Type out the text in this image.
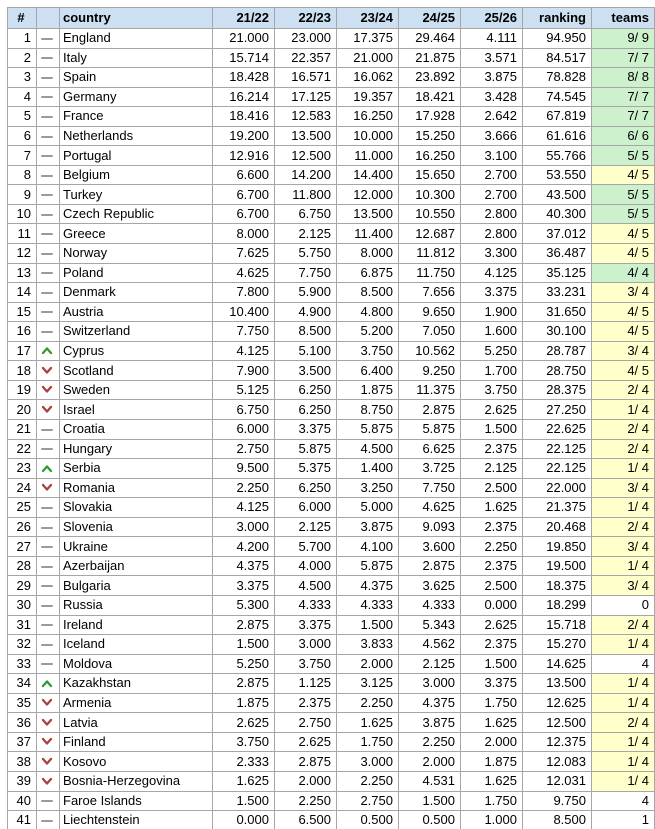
#		country	21/22	22/23	23/24	24/25	25/26	ranking	teams
1		England	21.000	23.000	17.375	29.464	4.111	94.950	9/ 9
2		Italy	15.714	22.357	21.000	21.875	3.571	84.517	7/ 7
3		Spain	18.428	16.571	16.062	23.892	3.875	78.828	8/ 8
4		Germany	16.214	17.125	19.357	18.421	3.428	74.545	7/ 7
5		France	18.416	12.583	16.250	17.928	2.642	67.819	7/ 7
6		Netherlands	19.200	13.500	10.000	15.250	3.666	61.616	6/ 6
7		Portugal	12.916	12.500	11.000	16.250	3.100	55.766	5/ 5
8		Belgium	6.600	14.200	14.400	15.650	2.700	53.550	4/ 5
9		Turkey	6.700	11.800	12.000	10.300	2.700	43.500	5/ 5
10		Czech Republic	6.700	6.750	13.500	10.550	2.800	40.300	5/ 5
11		Greece	8.000	2.125	11.400	12.687	2.800	37.012	4/ 5
12		Norway	7.625	5.750	8.000	11.812	3.300	36.487	4/ 5
13		Poland	4.625	7.750	6.875	11.750	4.125	35.125	4/ 4
14		Denmark	7.800	5.900	8.500	7.656	3.375	33.231	3/ 4
15		Austria	10.400	4.900	4.800	9.650	1.900	31.650	4/ 5
16		Switzerland	7.750	8.500	5.200	7.050	1.600	30.100	4/ 5
17		Cyprus	4.125	5.100	3.750	10.562	5.250	28.787	3/ 4
18		Scotland	7.900	3.500	6.400	9.250	1.700	28.750	4/ 5
19		Sweden	5.125	6.250	1.875	11.375	3.750	28.375	2/ 4
20		Israel	6.750	6.250	8.750	2.875	2.625	27.250	1/ 4
21		Croatia	6.000	3.375	5.875	5.875	1.500	22.625	2/ 4
22		Hungary	2.750	5.875	4.500	6.625	2.375	22.125	2/ 4
23		Serbia	9.500	5.375	1.400	3.725	2.125	22.125	1/ 4
24		Romania	2.250	6.250	3.250	7.750	2.500	22.000	3/ 4
25		Slovakia	4.125	6.000	5.000	4.625	1.625	21.375	1/ 4
26		Slovenia	3.000	2.125	3.875	9.093	2.375	20.468	2/ 4
27		Ukraine	4.200	5.700	4.100	3.600	2.250	19.850	3/ 4
28		Azerbaijan	4.375	4.000	5.875	2.875	2.375	19.500	1/ 4
29		Bulgaria	3.375	4.500	4.375	3.625	2.500	18.375	3/ 4
30		Russia	5.300	4.333	4.333	4.333	0.000	18.299	0
31		Ireland	2.875	3.375	1.500	5.343	2.625	15.718	2/ 4
32		Iceland	1.500	3.000	3.833	4.562	2.375	15.270	1/ 4
33		Moldova	5.250	3.750	2.000	2.125	1.500	14.625	4
34		Kazakhstan	2.875	1.125	3.125	3.000	3.375	13.500	1/ 4
35		Armenia	1.875	2.375	2.250	4.375	1.750	12.625	1/ 4
36		Latvia	2.625	2.750	1.625	3.875	1.625	12.500	2/ 4
37		Finland	3.750	2.625	1.750	2.250	2.000	12.375	1/ 4
38		Kosovo	2.333	2.875	3.000	2.000	1.875	12.083	1/ 4
39		Bosnia-Herzegovina	1.625	2.000	2.250	4.531	1.625	12.031	1/ 4
40		Faroe Islands	1.500	2.250	2.750	1.500	1.750	9.750	4
41		Liechtenstein	0.000	6.500	0.500	0.500	1.000	8.500	1
